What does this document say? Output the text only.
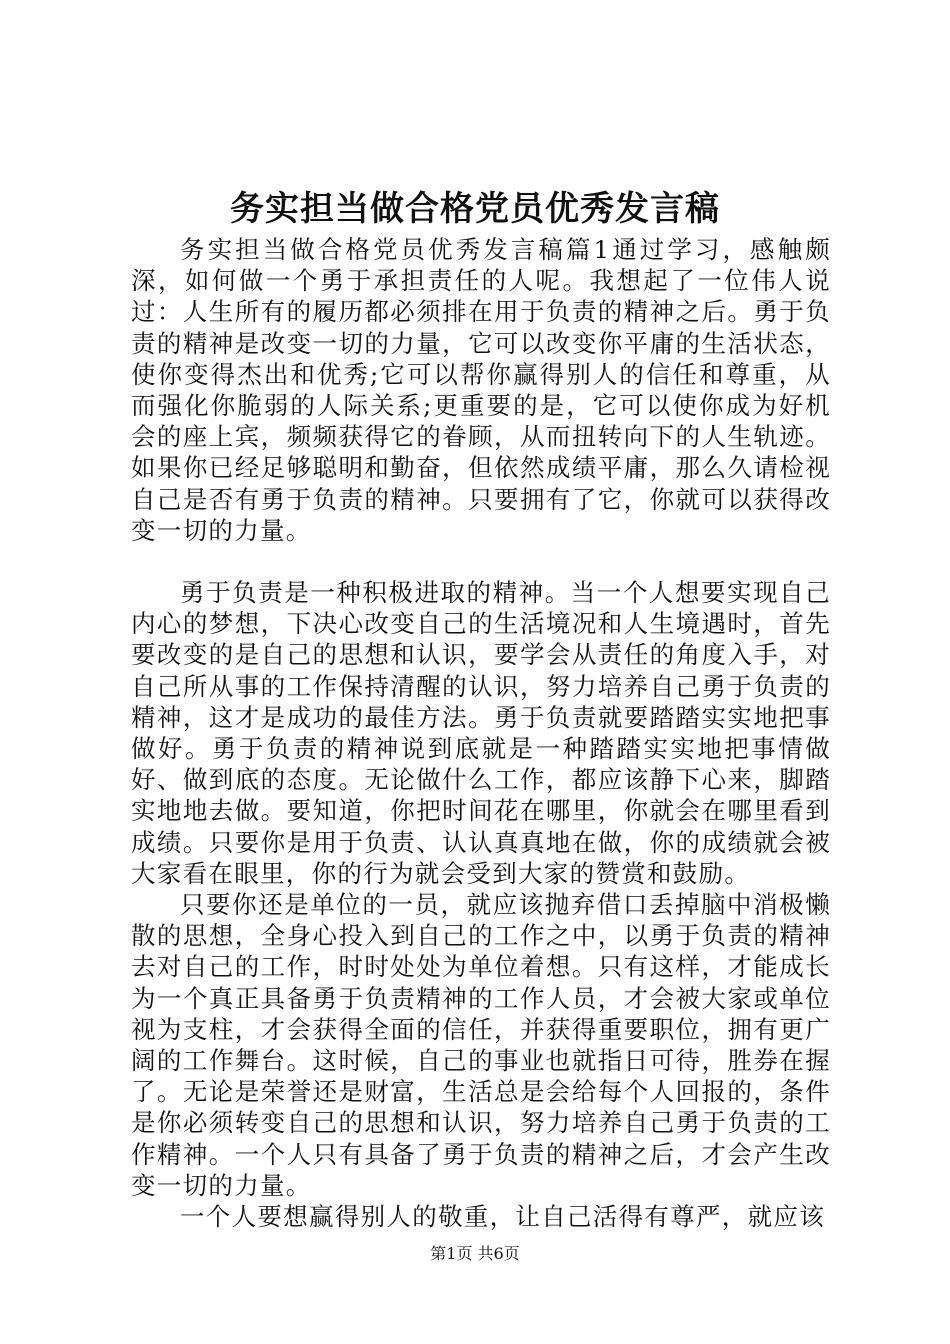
务实担当做合格党员优秀发言稿

务实担当做合格党员优秀发言稿篇1通过学习，感触颇深，如何做一个勇于承担责任的人呢。我想起了一位伟人说过：人生所有的履历都必须排在用于负责的精神之后。勇于负责的精神是改变一切的力量，它可以改变你平庸的生活状态，使你变得杰出和优秀;它可以帮你赢得别人的信任和尊重，从而强化你脆弱的人际关系;更重要的是，它可以使你成为好机会的座上宾，频频获得它的眷顾，从而扭转向下的人生轨迹。如果你已经足够聪明和勤奋，但依然成绩平庸，那么久请检视自己是否有勇于负责的精神。只要拥有了它，你就可以获得改变一切的力量。

勇于负责是一种积极进取的精神。当一个人想要实现自己内心的梦想，下决心改变自己的生活境况和人生境遇时，首先要改变的是自己的思想和认识，要学会从责任的角度入手，对自己所从事的工作保持清醒的认识，努力培养自己勇于负责的精神，这才是成功的最佳方法。勇于负责就要踏踏实实地把事做好。勇于负责的精神说到底就是一种踏踏实实地把事情做好、做到底的态度。无论做什么工作，都应该静下心来，脚踏实地地去做。要知道，你把时间花在哪里，你就会在哪里看到成绩。只要你是用于负责、认认真真地在做，你的成绩就会被大家看在眼里，你的行为就会受到大家的赞赏和鼓励。

只要你还是单位的一员，就应该抛弃借口丢掉脑中消极懒散的思想，全身心投入到自己的工作之中，以勇于负责的精神去对自己的工作，时时处处为单位着想。只有这样，才能成长为一个真正具备勇于负责精神的工作人员，才会被大家或单位视为支柱，才会获得全面的信任，并获得重要职位，拥有更广阔的工作舞台。这时候，自己的事业也就指日可待，胜券在握了。无论是荣誉还是财富，生活总是会给每个人回报的，条件是你必须转变自己的思想和认识，努力培养自己勇于负责的工作精神。一个人只有具备了勇于负责的精神之后，才会产生改变一切的力量。

一个人要想赢得别人的敬重，让自己活得有尊严，就应该

第1页 共6页
